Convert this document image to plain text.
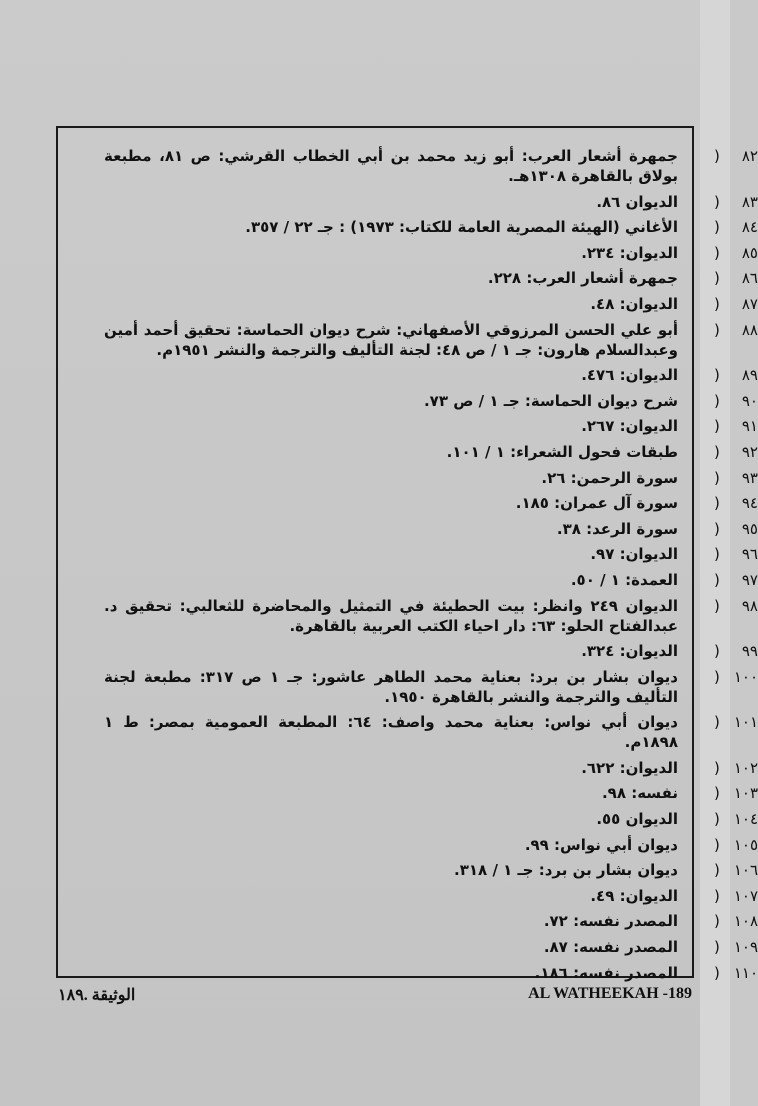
) ٨٢
جمهرة أشعار العرب: أبو زيد محمد بن أبي الخطاب القرشي: ص ٨١، مطبعة بولاق بالقاهرة ١٣٠٨هـ.
) ٨٣
الديوان ٨٦.
) ٨٤
الأغاني (الهيئة المصرية العامة للكتاب: ١٩٧٣) : جـ ٢٢ / ٣٥٧.
) ٨٥
الديوان: ٢٣٤.
) ٨٦
جمهرة أشعار العرب: ٢٢٨.
) ٨٧
الديوان: ٤٨.
) ٨٨
أبو علي الحسن المرزوقي الأصفهاني: شرح ديوان الحماسة: تحقيق أحمد أمين وعبدالسلام هارون: جـ ١ / ص ٤٨: لجنة التأليف والترجمة والنشر ١٩٥١م.
) ٨٩
الديوان: ٤٧٦.
) ٩٠
شرح ديوان الحماسة: جـ ١ / ص ٧٣.
) ٩١
الديوان: ٢٦٧.
) ٩٢
طبقات فحول الشعراء: ١ / ١٠١.
) ٩٣
سورة الرحمن: ٢٦.
) ٩٤
سورة آل عمران: ١٨٥.
) ٩٥
سورة الرعد: ٣٨.
) ٩٦
الديوان: ٩٧.
) ٩٧
العمدة: ١ / ٥٠.
) ٩٨
الديوان ٢٤٩ وانظر: بيت الحطيئة في التمثيل والمحاضرة للثعالبي: تحقيق د. عبدالفتاح الحلو: ٦٣: دار احياء الكتب العربية بالقاهرة.
) ٩٩
الديوان: ٣٢٤.
) ١٠٠
ديوان بشار بن برد: بعناية محمد الطاهر عاشور: جـ ١ ص ٣١٧: مطبعة لجنة التأليف والترجمة والنشر بالقاهرة ١٩٥٠.
) ١٠١
ديوان أبي نواس: بعناية محمد واصف: ٦٤: المطبعة العمومية بمصر: ط ١ ١٨٩٨م.
) ١٠٢
الديوان: ٦٢٢.
) ١٠٣
نفسه: ٩٨.
) ١٠٤
الديوان ٥٥.
) ١٠٥
ديوان أبي نواس: ٩٩.
) ١٠٦
ديوان بشار بن برد: جـ ١ / ٣١٨.
) ١٠٧
الديوان: ٤٩.
) ١٠٨
المصدر نفسه: ٧٢.
) ١٠٩
المصدر نفسه: ٨٧.
) ١١٠
المصدر نفسه: ١٨٦.
الوثيقة .١٨٩	AL WATHEEKAH -189
